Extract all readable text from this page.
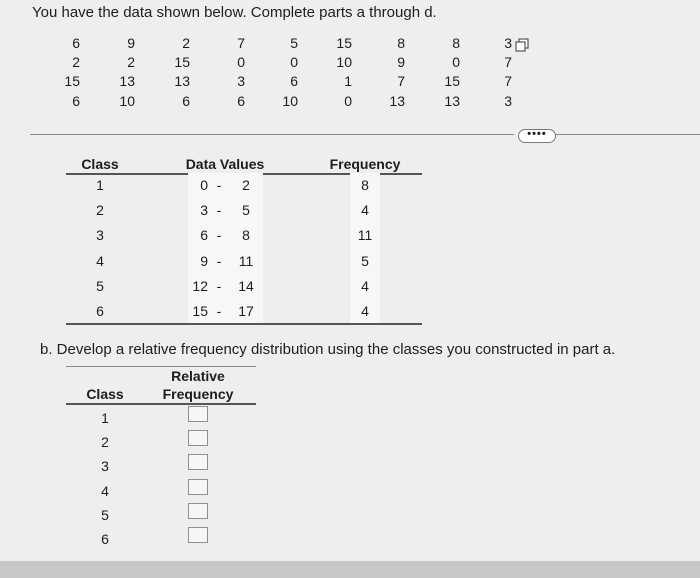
You have the data shown below. Complete parts a through d.
6	9	2	7	5	15	8	8	3
2	2	15	0	0	10	9	0	7
15	13	13	3	6	1	7	15	7
6	10	6	6	10	0	13	13	3
••••
Class	Data Values	Frequency
1	0 -	2	8
2	3 -	5	4
3	6 -	8	11
4	9 -	11	5
5	12 -	14	4
6	15 -	17	4
b. Develop a relative frequency distribution using the classes you constructed in part a.
Relative
Class	Frequency
1
2
3
4
5
6
